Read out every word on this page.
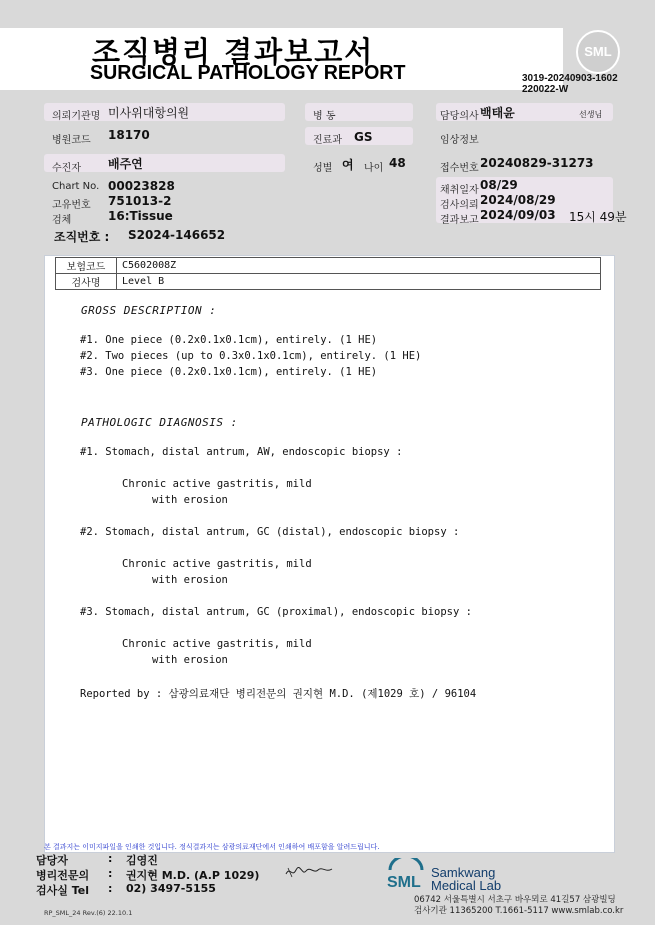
조직병리 결과보고서
SURGICAL PATHOLOGY REPORT
SML
3019-20240903-1602
220022-W
의뢰기관명 미사위대항의원	병 동	담당의사 백태윤	선생님
병원코드 18170	진료과 GS	임상정보
수진자 배주연	성별 여 나이 48	접수번호 20240829-31273
Chart No. 00023828
고유번호 751013-2
검체	16:Tissue
채취일자 08/29
검사의뢰 2024/08/29
결과보고 2024/09/03 15시 49분
조직번호 : S2024-146652
보험코드	C5602008Z
검사명	Level B
GROSS DESCRIPTION :
#1. One piece (0.2x0.1x0.1cm), entirely. (1 HE)
#2. Two pieces (up to 0.3x0.1x0.1cm), entirely. (1 HE)
#3. One piece (0.2x0.1x0.1cm), entirely. (1 HE)
PATHOLOGIC DIAGNOSIS :
#1. Stomach, distal antrum, AW, endoscopic biopsy :
Chronic active gastritis, mild
with erosion
#2. Stomach, distal antrum, GC (distal), endoscopic biopsy :
Chronic active gastritis, mild
with erosion
#3. Stomach, distal antrum, GC (proximal), endoscopic biopsy :
Chronic active gastritis, mild
with erosion
Reported by : 삼광의료재단 병리전문의 권지현 M.D. (제1029 호) / 96104
본 결과지는 이미지파일을 인쇄한 것입니다. 정식결과지는 삼광의료재단에서 인쇄하여 배포함을 알려드립니다.
담당자	: 김영진
병리전문의 : 권지현 M.D. (A.P 1029)
검사실 Tel : 02) 3497-5155	SML
Samkwang
Medical Lab
06742 서울특별시 서초구 바우뫼로 41길57 삼광빌딩
검사기관 11365200 T.1661-5117 www.smlab.co.kr
RP_SML_24 Rev.(6) 22.10.1
